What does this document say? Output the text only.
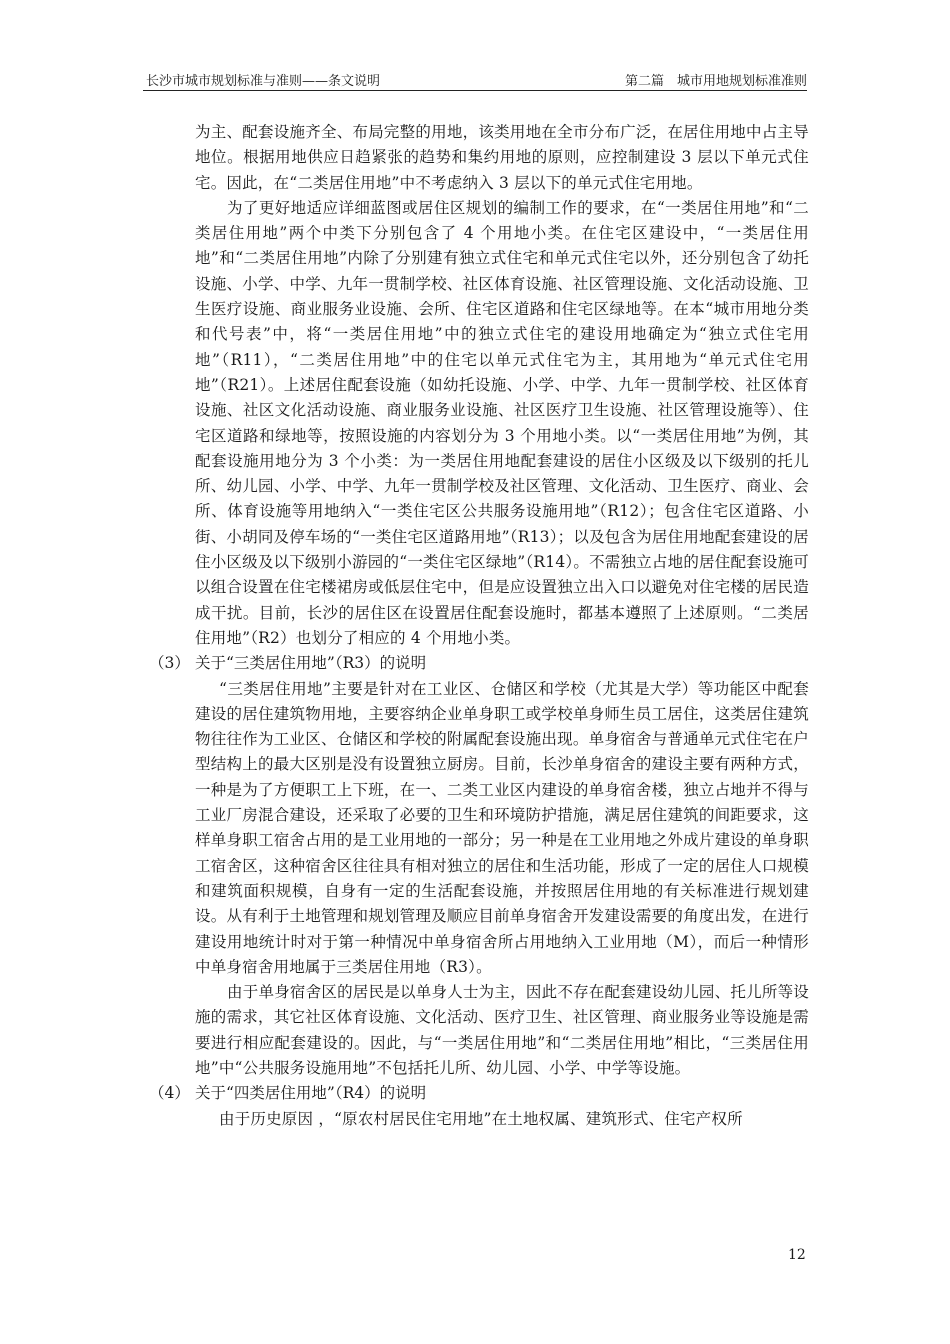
长沙市城市规划标准与准则——条文说明	第二篇　城市用地规划标准准则

为主、配套设施齐全、布局完整的用地，该类用地在全市分布广泛，在居住用地中占主导地位。根据用地供应日趋紧张的趋势和集约用地的原则，应控制建设 3 层以下单元式住宅。因此，在“二类居住用地”中不考虑纳入 3 层以下的单元式住宅用地。

为了更好地适应详细蓝图或居住区规划的编制工作的要求，在“一类居住用地”和“二类居住用地”两个中类下分别包含了 4 个用地小类。在住宅区建设中，“一类居住用地”和“二类居住用地”内除了分别建有独立式住宅和单元式住宅以外，还分别包含了幼托设施、小学、中学、九年一贯制学校、社区体育设施、社区管理设施、文化活动设施、卫生医疗设施、商业服务业设施、会所、住宅区道路和住宅区绿地等。在本“城市用地分类和代号表”中，将“一类居住用地”中的独立式住宅的建设用地确定为“独立式住宅用地”（R11），“二类居住用地”中的住宅以单元式住宅为主，其用地为“单元式住宅用地”（R21）。上述居住配套设施（如幼托设施、小学、中学、九年一贯制学校、社区体育设施、社区文化活动设施、商业服务业设施、社区医疗卫生设施、社区管理设施等）、住宅区道路和绿地等，按照设施的内容划分为 3 个用地小类。以“一类居住用地”为例，其配套设施用地分为 3 个小类：为一类居住用地配套建设的居住小区级及以下级别的托儿所、幼儿园、小学、中学、九年一贯制学校及社区管理、文化活动、卫生医疗、商业、会所、体育设施等用地纳入“一类住宅区公共服务设施用地”（R12）；包含住宅区道路、小街、小胡同及停车场的“一类住宅区道路用地”（R13）；以及包含为居住用地配套建设的居住小区级及以下级别小游园的“一类住宅区绿地”（R14）。不需独立占地的居住配套设施可以组合设置在住宅楼裙房或低层住宅中，但是应设置独立出入口以避免对住宅楼的居民造成干扰。目前，长沙的居住区在设置居住配套设施时，都基本遵照了上述原则。“二类居住用地”（R2）也划分了相应的 4 个用地小类。

（3） 关于“三类居住用地”（R3）的说明

“三类居住用地”主要是针对在工业区、仓储区和学校（尤其是大学）等功能区中配套建设的居住建筑物用地，主要容纳企业单身职工或学校单身师生员工居住，这类居住建筑物往往作为工业区、仓储区和学校的附属配套设施出现。单身宿舍与普通单元式住宅在户型结构上的最大区别是没有设置独立厨房。目前，长沙单身宿舍的建设主要有两种方式，一种是为了方便职工上下班，在一、二类工业区内建设的单身宿舍楼，独立占地并不得与工业厂房混合建设，还采取了必要的卫生和环境防护措施，满足居住建筑的间距要求，这样单身职工宿舍占用的是工业用地的一部分；另一种是在工业用地之外成片建设的单身职工宿舍区，这种宿舍区往往具有相对独立的居住和生活功能，形成了一定的居住人口规模和建筑面积规模，自身有一定的生活配套设施，并按照居住用地的有关标准进行规划建设。从有利于土地管理和规划管理及顺应目前单身宿舍开发建设需要的角度出发，在进行建设用地统计时对于第一种情况中单身宿舍所占用地纳入工业用地（M），而后一种情形中单身宿舍用地属于三类居住用地（R3）。

由于单身宿舍区的居民是以单身人士为主，因此不存在配套建设幼儿园、托儿所等设施的需求，其它社区体育设施、文化活动、医疗卫生、社区管理、商业服务业等设施是需要进行相应配套建设的。因此，与“一类居住用地”和“二类居住用地”相比，“三类居住用地”中“公共服务设施用地”不包括托儿所、幼儿园、小学、中学等设施。

（4） 关于“四类居住用地”（R4）的说明

由于历史原因 ，“原农村居民住宅用地”在土地权属、建筑形式、住宅产权所

12
